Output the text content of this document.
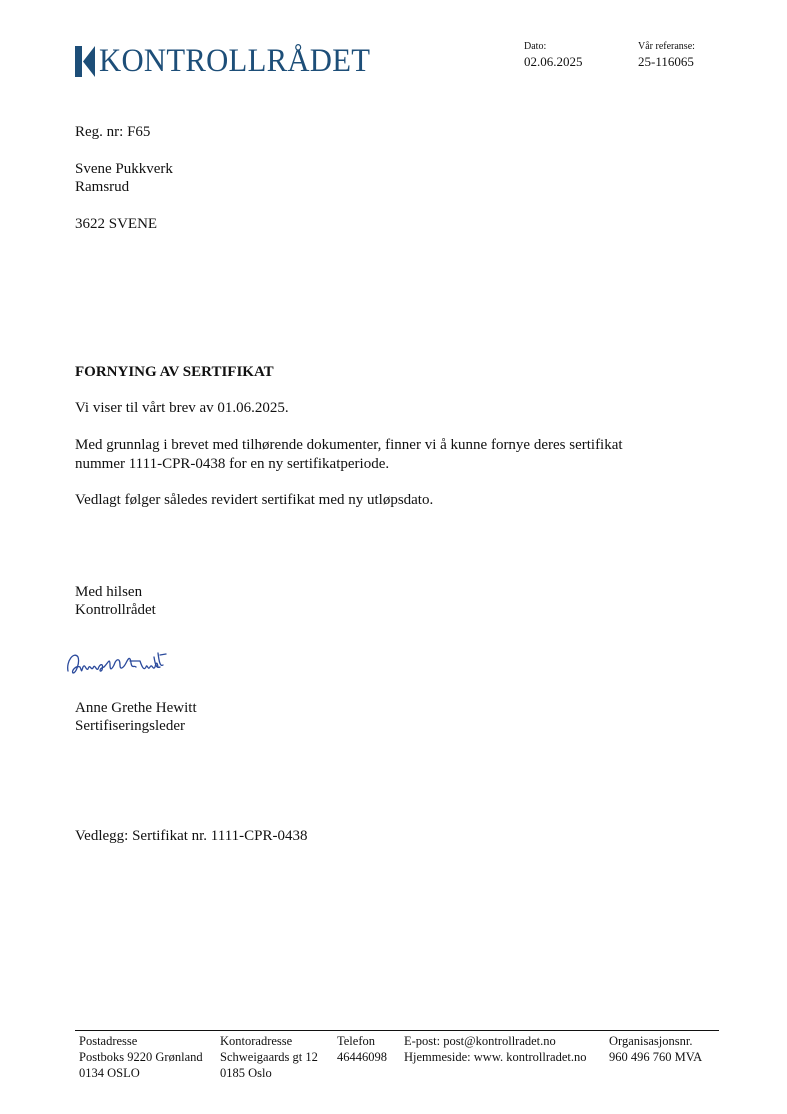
KONTROLLRÅDET	Dato:
02.06.2025
Vår referanse:
25-116065
Reg. nr: F65
Svene Pukkverk
Ramsrud
3622 SVENE
FORNYING AV SERTIFIKAT
Vi viser til vårt brev av 01.06.2025.
Med grunnlag i brevet med tilhørende dokumenter, finner vi å kunne fornye deres sertifikat
nummer 1111-CPR-0438 for en ny sertifikatperiode.
Vedlagt følger således revidert sertifikat med ny utløpsdato.
Med hilsen
Kontrollrådet
Anne Grethe Hewitt
Sertifiseringsleder
Vedlegg: Sertifikat nr. 1111-CPR-0438
Postadresse
Postboks 9220 Grønland
0134 OSLO
Kontoradresse
Schweigaards gt 12
0185 Oslo
Telefon
46446098
E-post: post@kontrollradet.no
Hjemmeside: www. kontrollradet.no
Organisasjonsnr.
960 496 760 MVA
